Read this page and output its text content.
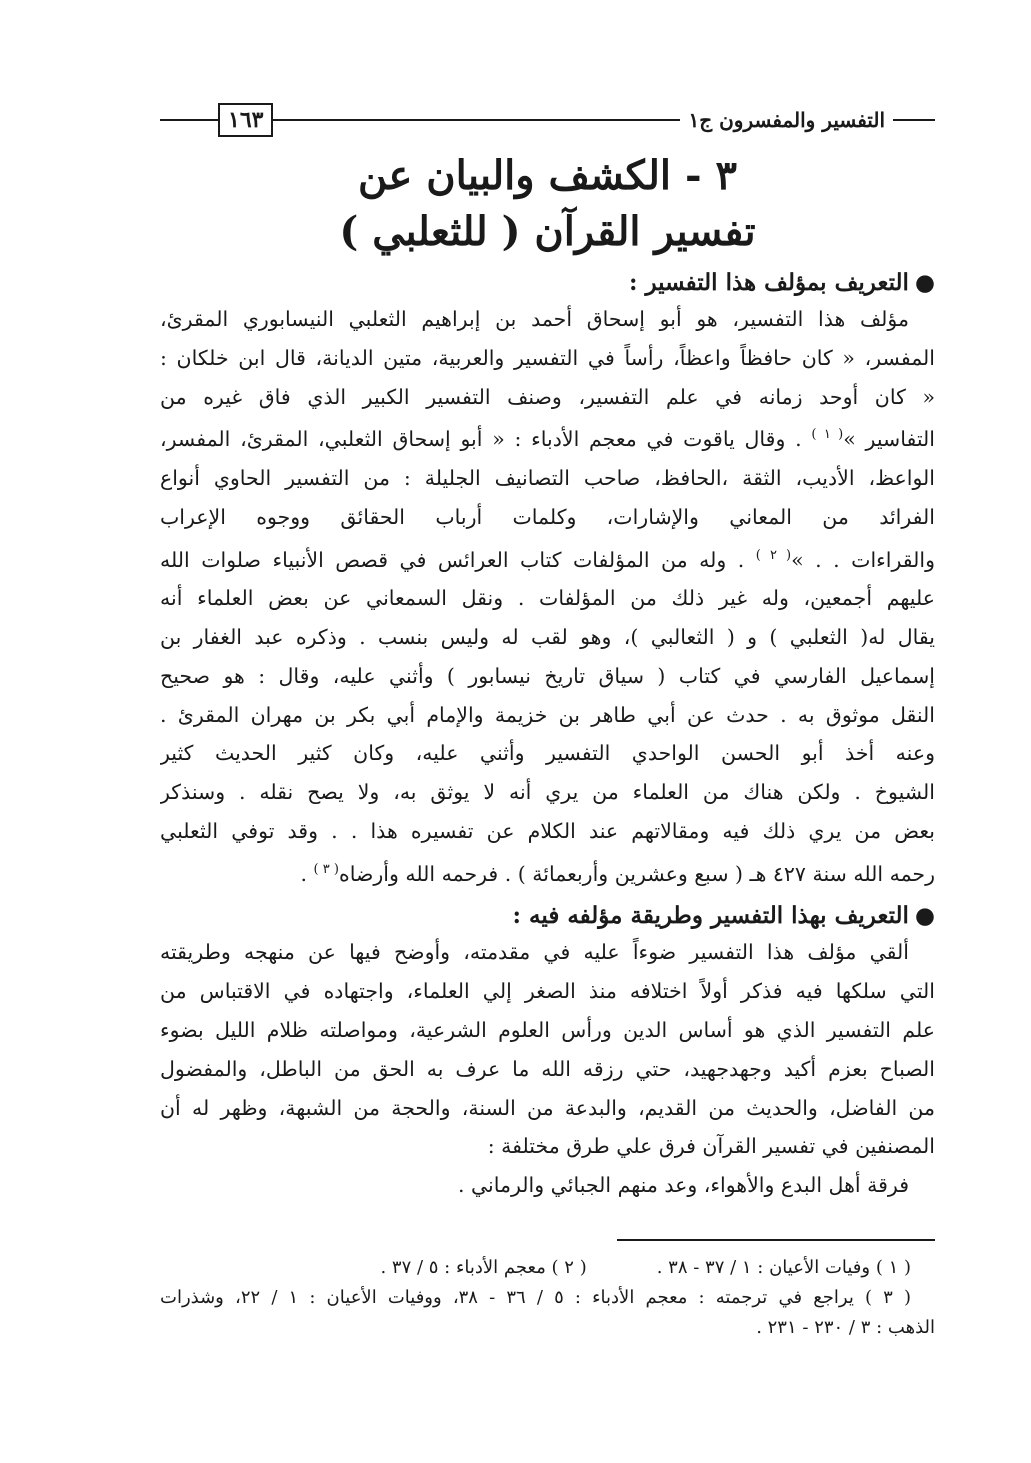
التفسير والمفسرون ج١
١٦٣
٣ - الكشف والبيان عن
تفسير القرآن ( للثعلبي )
●التعريف بمؤلف هذا التفسير :

مؤلف هذا التفسير، هو أبو إسحاق أحمد بن إبراهيم الثعلبي النيسابوري المقرئ،

المفسر، « كان حافظاً واعظاً، رأساً في التفسير والعربية، متين الديانة، قال ابن خلكان :

« كان أوحد زمانه في علم التفسير، وصنف التفسير الكبير الذي فاق غيره من

التفاسير »$^{( ١ )}$ . وقال ياقوت في معجم الأدباء : « أبو إسحاق الثعلبي، المقرئ، المفسر،

الواعظ، الأديب، الثقة ،الحافظ، صاحب التصانيف الجليلة : من التفسير الحاوي أنواع

الفرائد من المعاني والإشارات، وكلمات أرباب الحقائق ووجوه الإعراب

والقراءات . . »$^{( ٢ )}$ . وله من المؤلفات كتاب العرائس في قصص الأنبياء صلوات الله

عليهم أجمعين، وله غير ذلك من المؤلفات . ونقل السمعاني عن بعض العلماء أنه

يقال له( الثعلبي ) و ( الثعالبي )، وهو لقب له وليس بنسب . وذكره عبد الغفار بن

إسماعيل الفارسي في كتاب ( سياق تاريخ نيسابور ) وأثني عليه، وقال : هو صحيح

النقل موثوق به . حدث عن أبي طاهر بن خزيمة والإمام أبي بكر بن مهران المقرئ .

وعنه أخذ أبو الحسن الواحدي التفسير وأثني عليه، وكان كثير الحديث كثير

الشيوخ . ولكن هناك من العلماء من يري أنه لا يوثق به، ولا يصح نقله . وسنذكر

بعض من يري ذلك فيه ومقالاتهم عند الكلام عن تفسيره هذا . . وقد توفي الثعلبي

رحمه الله سنة ٤٢٧ هـ ( سبع وعشرين وأربعمائة ) . فرحمه الله وأرضاه$^{( ٣ )}$ .

●التعريف بهذا التفسير وطريقة مؤلفه فيه :

ألقي مؤلف هذا التفسير ضوءاً عليه في مقدمته، وأوضح فيها عن منهجه وطريقته

التي سلكها فيه فذكر أولاً اختلافه منذ الصغر إلي العلماء، واجتهاده في الاقتباس من

علم التفسير الذي هو أساس الدين ورأس العلوم الشرعية، ومواصلته ظلام الليل بضوء

الصباح بعزم أكيد وجهدجهيد، حتي رزقه الله ما عرف به الحق من الباطل، والمفضول

من الفاضل، والحديث من القديم، والبدعة من السنة، والحجة من الشبهة، وظهر له أن

المصنفين في تفسير القرآن فرق علي طرق مختلفة :

فرقة أهل البدع والأهواء، وعد منهم الجبائي والرماني .

( ١ ) وفيات الأعيان : ١ / ٣٧ - ٣٨ .
( ٢ ) معجم الأدباء : ٥ / ٣٧ .
( ٣ ) يراجع في ترجمته : معجم الأدباء : ٥ / ٣٦ - ٣٨، ووفيات الأعيان : ١ / ٢٢، وشذرات
الذهب : ٣ / ٢٣٠ - ٢٣١ .
